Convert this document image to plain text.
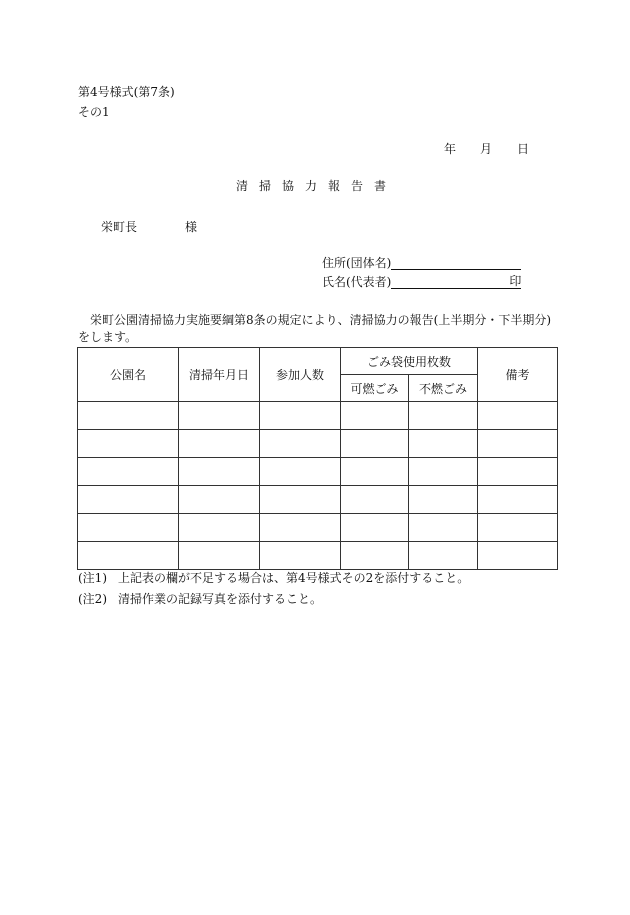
第4号様式(第7条)
その1
年 月 日
清掃協力報告書
栄町長	様
住所(団体名)
氏名(代表者)	印
栄町公園清掃協力実施要綱第8条の規定により、清掃協力の報告(上半期分・下半期分)をします。
公園名	清掃年月日	参加人数	ごみ袋使用枚数		備考
			可燃ごみ	不燃ごみ	

(注1) 上記表の欄が不足する場合は、第4号様式その2を添付すること。
(注2) 清掃作業の記録写真を添付すること。
